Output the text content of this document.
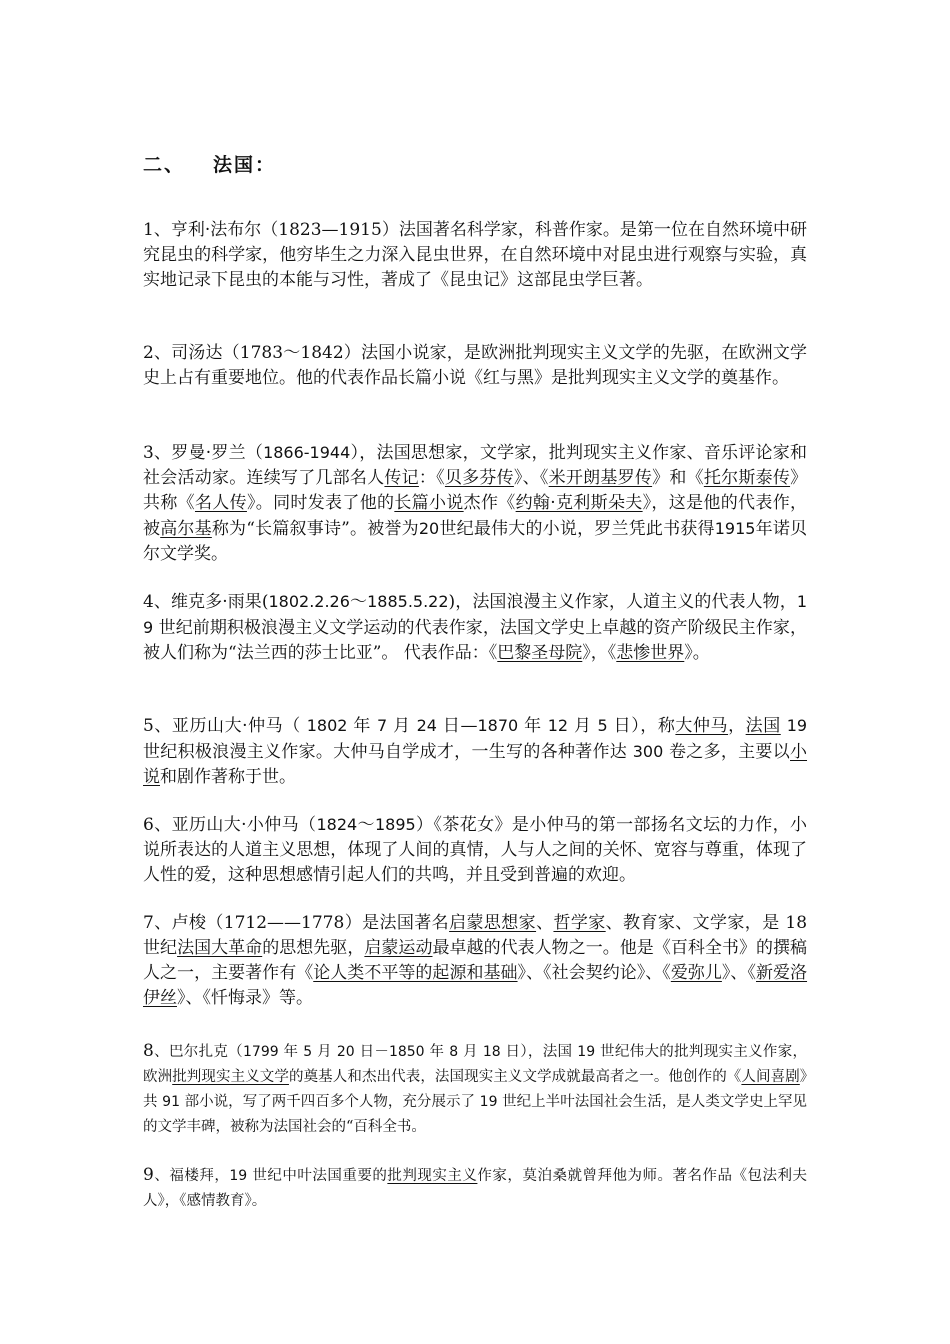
二、 法国：
1、亨利·法布尔（1823—1915）法国著名科学家，科普作家。是第一位在自然环境中研究昆虫的科学家，他穷毕生之力深入昆虫世界，在自然环境中对昆虫进行观察与实验，真实地记录下昆虫的本能与习性，著成了《昆虫记》这部昆虫学巨著。
2、司汤达（1783～1842）法国小说家，是欧洲批判现实主义文学的先驱，在欧洲文学史上占有重要地位。他的代表作品长篇小说《红与黑》是批判现实主义文学的奠基作。
3、罗曼·罗兰（1866-1944），法国思想家，文学家，批判现实主义作家、音乐评论家和社会活动家。连续写了几部名人传记：《贝多芬传》、《米开朗基罗传》和《托尔斯泰传》共称《名人传》。同时发表了他的长篇小说杰作《约翰·克利斯朵夫》，这是他的代表作，被高尔基称为“长篇叙事诗”。被誉为20世纪最伟大的小说，罗兰凭此书获得1915年诺贝尔文学奖。
4、维克多·雨果(1802.2.26～1885.5.22)，法国浪漫主义作家，人道主义的代表人物，19 世纪前期积极浪漫主义文学运动的代表作家，法国文学史上卓越的资产阶级民主作家，被人们称为“法兰西的莎士比亚”。 代表作品：《巴黎圣母院》，《悲惨世界》。
5、亚历山大·仲马（ 1802 年 7 月 24 日—1870 年 12 月 5 日），称大仲马，法国 19 世纪积极浪漫主义作家。大仲马自学成才，一生写的各种著作达 300 卷之多，主要以小说和剧作著称于世。
6、亚历山大·小仲马（1824～1895）《茶花女》是小仲马的第一部扬名文坛的力作，小说所表达的人道主义思想，体现了人间的真情，人与人之间的关怀、宽容与尊重，体现了人性的爱，这种思想感情引起人们的共鸣，并且受到普遍的欢迎。
7、卢梭（1712——1778）是法国著名启蒙思想家、哲学家、教育家、文学家，是 18 世纪法国大革命的思想先驱，启蒙运动最卓越的代表人物之一。他是《百科全书》的撰稿人之一，主要著作有《论人类不平等的起源和基础》、《社会契约论》、《爱弥儿》、《新爱洛伊丝》、《忏悔录》等。
8、巴尔扎克（1799 年 5 月 20 日－1850 年 8 月 18 日），法国 19 世纪伟大的批判现实主义作家，欧洲批判现实主义文学的奠基人和杰出代表，法国现实主义文学成就最高者之一。他创作的《人间喜剧》共 91 部小说，写了两千四百多个人物，充分展示了 19 世纪上半叶法国社会生活，是人类文学史上罕见的文学丰碑，被称为法国社会的“百科全书。
9、福楼拜，19 世纪中叶法国重要的批判现实主义作家，莫泊桑就曾拜他为师。著名作品《包法利夫人》，《感情教育》。
